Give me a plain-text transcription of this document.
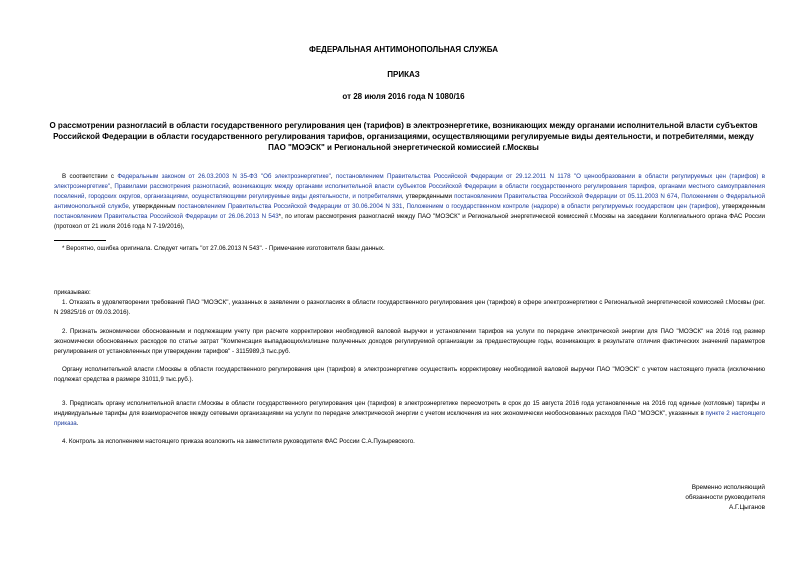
ФЕДЕРАЛЬНАЯ АНТИМОНОПОЛЬНАЯ СЛУЖБА
ПРИКАЗ
от 28 июля 2016 года N 1080/16
О рассмотрении разногласий в области государственного регулирования цен (тарифов) в электроэнергетике, возникающих между органами исполнительной власти субъектов Российской Федерации в области государственного регулирования тарифов, организациями, осуществляющими регулируемые виды деятельности, и потребителями, между ПАО "МОЭСК" и Региональной энергетической комиссией г.Москвы
В соответствии с Федеральным законом от 26.03.2003 N 35-ФЗ "Об электроэнергетике", постановлением Правительства Российской Федерации от 29.12.2011 N 1178 "О ценообразовании в области регулируемых цен (тарифов) в электроэнергетике", Правилами рассмотрения разногласий, возникающих между органами исполнительной власти субъектов Российской Федерации в области государственного регулирования тарифов, органами местного самоуправления поселений, городских округов, организациями, осуществляющими регулируемые виды деятельности, и потребителями, утвержденными постановлением Правительства Российской Федерации от 05.11.2003 N 674, Положением о Федеральной антимонопольной службе, утвержденным постановлением Правительства Российской Федерации от 30.06.2004 N 331, Положением о государственном контроле (надзоре) в области регулируемых государством цен (тарифов), утвержденным постановлением Правительства Российской Федерации от 26.06.2013 N 543*, по итогам рассмотрения разногласий между ПАО "МОЭСК" и Региональной энергетической комиссией г.Москвы на заседании Коллегиального органа ФАС России (протокол от 21 июля 2016 года N 7-19/2016),
* Вероятно, ошибка оригинала. Следует читать "от 27.06.2013 N 543". - Примечание изготовителя базы данных.
приказываю:
1. Отказать в удовлетворении требований ПАО "МОЭСК", указанных в заявлении о разногласиях в области государственного регулирования цен (тарифов) в сфере электроэнергетики с Региональной энергетической комиссией г.Москвы (рег. N 29825/16 от 09.03.2016).
2. Признать экономически обоснованным и подлежащим учету при расчете корректировки необходимой валовой выручки и установлении тарифов на услуги по передаче электрической энергии для ПАО "МОЭСК" на 2016 год размер экономически обоснованных расходов по статье затрат "Компенсация выпадающих/излишне полученных доходов регулируемой организации за предшествующие годы, возникающих в результате отличия фактических значений параметров регулирования от установленных при утверждении тарифов" - 3115989,3 тыс.руб.
Органу исполнительной власти г.Москвы в области государственного регулирования цен (тарифов) в электроэнергетике осуществить корректировку необходимой валовой выручки ПАО "МОЭСК" с учетом настоящего пункта (исключению подлежат средства в размере 31011,9 тыс.руб.).
3. Предписать органу исполнительной власти г.Москвы в области государственного регулирования цен (тарифов) в электроэнергетике пересмотреть в срок до 15 августа 2016 года установленные на 2016 год единые (котловые) тарифы и индивидуальные тарифы для взаиморасчетов между сетевыми организациями на услуги по передаче электрической энергии с учетом исключения из них экономически необоснованных расходов ПАО "МОЭСК", указанных в пункте 2 настоящего приказа.
4. Контроль за исполнением настоящего приказа возложить на заместителя руководителя ФАС России С.А.Пузыревского.
Временно исполняющий
обязанности руководителя
А.Г.Цыганов
